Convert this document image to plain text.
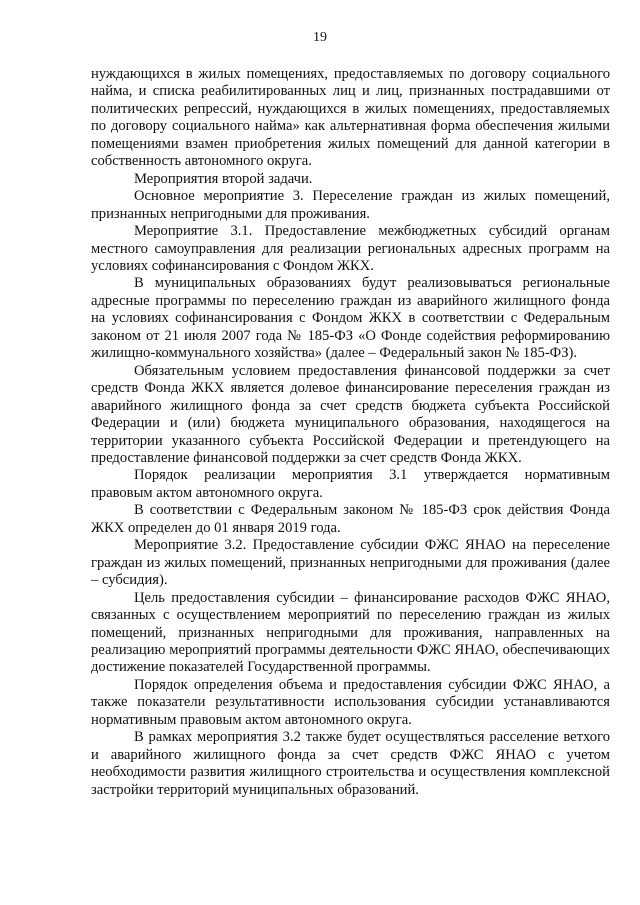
19

нуждающихся в жилых помещениях, предоставляемых по договору социального найма, и списка реабилитированных лиц и лиц, признанных пострадавшими от политических репрессий, нуждающихся в жилых помещениях, предоставляемых по договору социального найма» как альтернативная форма обеспечения жилыми помещениями взамен приобретения жилых помещений для данной категории в собственность автономного округа.

Мероприятия второй задачи.

Основное мероприятие 3. Переселение граждан из жилых помещений, признанных непригодными для проживания.

Мероприятие 3.1. Предоставление межбюджетных субсидий органам местного самоуправления для реализации региональных адресных программ на условиях софинансирования с Фондом ЖКХ.

В муниципальных образованиях будут реализовываться региональные адресные программы по переселению граждан из аварийного жилищного фонда на условиях софинансирования с Фондом ЖКХ в соответствии с Федеральным законом от 21 июля 2007 года № 185-ФЗ «О Фонде содействия реформированию жилищно-коммунального хозяйства» (далее – Федеральный закон № 185-ФЗ).

Обязательным условием предоставления финансовой поддержки за счет средств Фонда ЖКХ является долевое финансирование переселения граждан из аварийного жилищного фонда за счет средств бюджета субъекта Российской Федерации и (или) бюджета муниципального образования, находящегося на территории указанного субъекта Российской Федерации и претендующего на предоставление финансовой поддержки за счет средств Фонда ЖКХ.

Порядок реализации мероприятия 3.1 утверждается нормативным правовым актом автономного округа.

В соответствии с Федеральным законом № 185-ФЗ срок действия Фонда ЖКХ определен до 01 января 2019 года.

Мероприятие 3.2. Предоставление субсидии ФЖС ЯНАО на переселение граждан из жилых помещений, признанных непригодными для проживания (далее – субсидия).

Цель предоставления субсидии – финансирование расходов ФЖС ЯНАО, связанных с осуществлением мероприятий по переселению граждан из жилых помещений, признанных непригодными для проживания, направленных на реализацию мероприятий программы деятельности ФЖС ЯНАО, обеспечивающих достижение показателей Государственной программы.

Порядок определения объема и предоставления субсидии ФЖС ЯНАО, а также показатели результативности использования субсидии устанавливаются нормативным правовым актом автономного округа.

В рамках мероприятия 3.2 также будет осуществляться расселение ветхого и аварийного жилищного фонда за счет средств ФЖС ЯНАО с учетом необходимости развития жилищного строительства и осуществления комплексной застройки территорий муниципальных образований.
